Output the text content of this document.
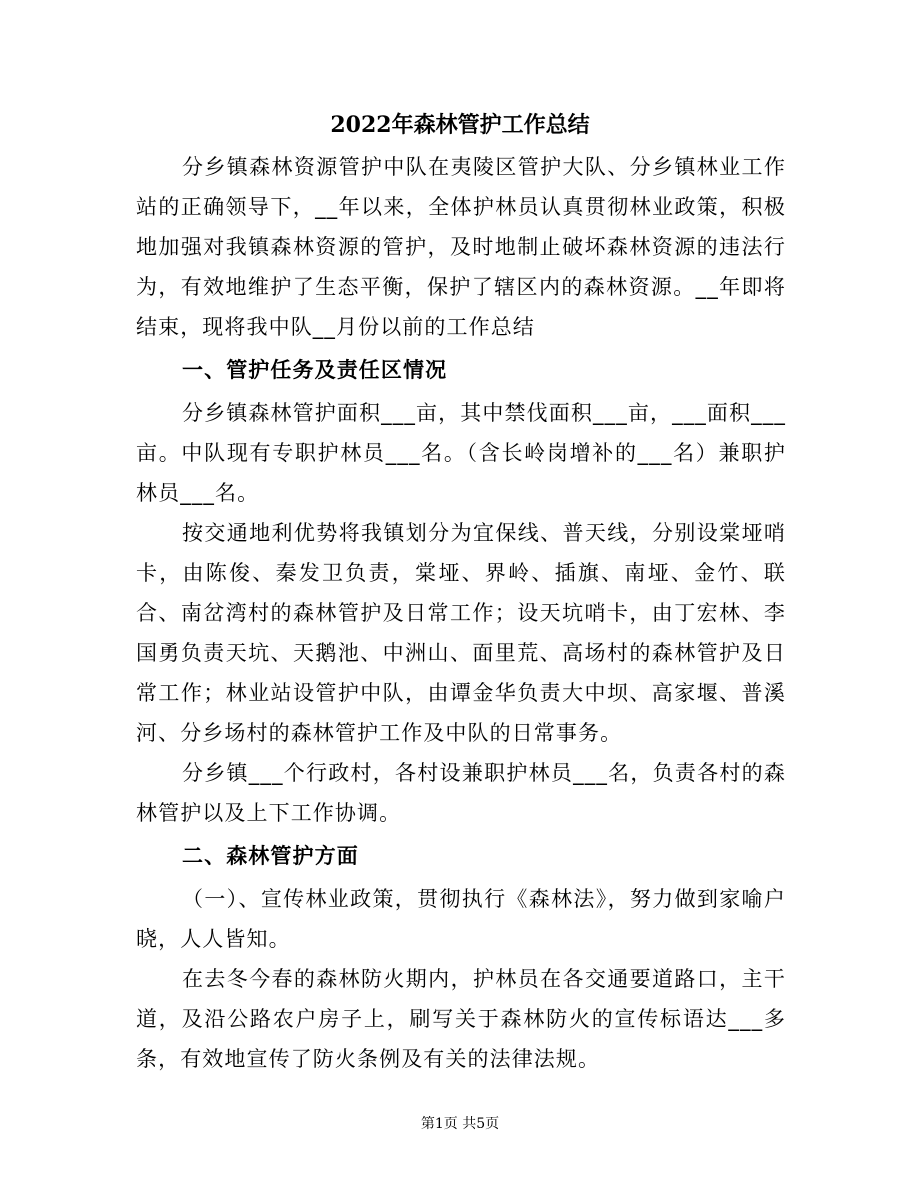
2022年森林管护工作总结

分乡镇森林资源管护中队在夷陵区管护大队、分乡镇林业工作站的正确领导下，__年以来，全体护林员认真贯彻林业政策，积极地加强对我镇森林资源的管护，及时地制止破坏森林资源的违法行为，有效地维护了生态平衡，保护了辖区内的森林资源。__年即将结束，现将我中队__月份以前的工作总结

一、管护任务及责任区情况

分乡镇森林管护面积___亩，其中禁伐面积___亩，___面积___亩。中队现有专职护林员___名。（含长岭岗增补的___名）兼职护林员___名。

按交通地利优势将我镇划分为宜保线、普天线，分别设棠垭哨卡，由陈俊、秦发卫负责，棠垭、界岭、插旗、南垭、金竹、联合、南岔湾村的森林管护及日常工作；设天坑哨卡，由丁宏林、李国勇负责天坑、天鹅池、中洲山、面里荒、高场村的森林管护及日常工作；林业站设管护中队，由谭金华负责大中坝、高家堰、普溪河、分乡场村的森林管护工作及中队的日常事务。

分乡镇___个行政村，各村设兼职护林员___名，负责各村的森林管护以及上下工作协调。

二、森林管护方面

（一）、宣传林业政策，贯彻执行《森林法》，努力做到家喻户晓，人人皆知。

在去冬今春的森林防火期内，护林员在各交通要道路口，主干道，及沿公路农户房子上，刷写关于森林防火的宣传标语达___多条，有效地宣传了防火条例及有关的法律法规。

第1页 共5页
